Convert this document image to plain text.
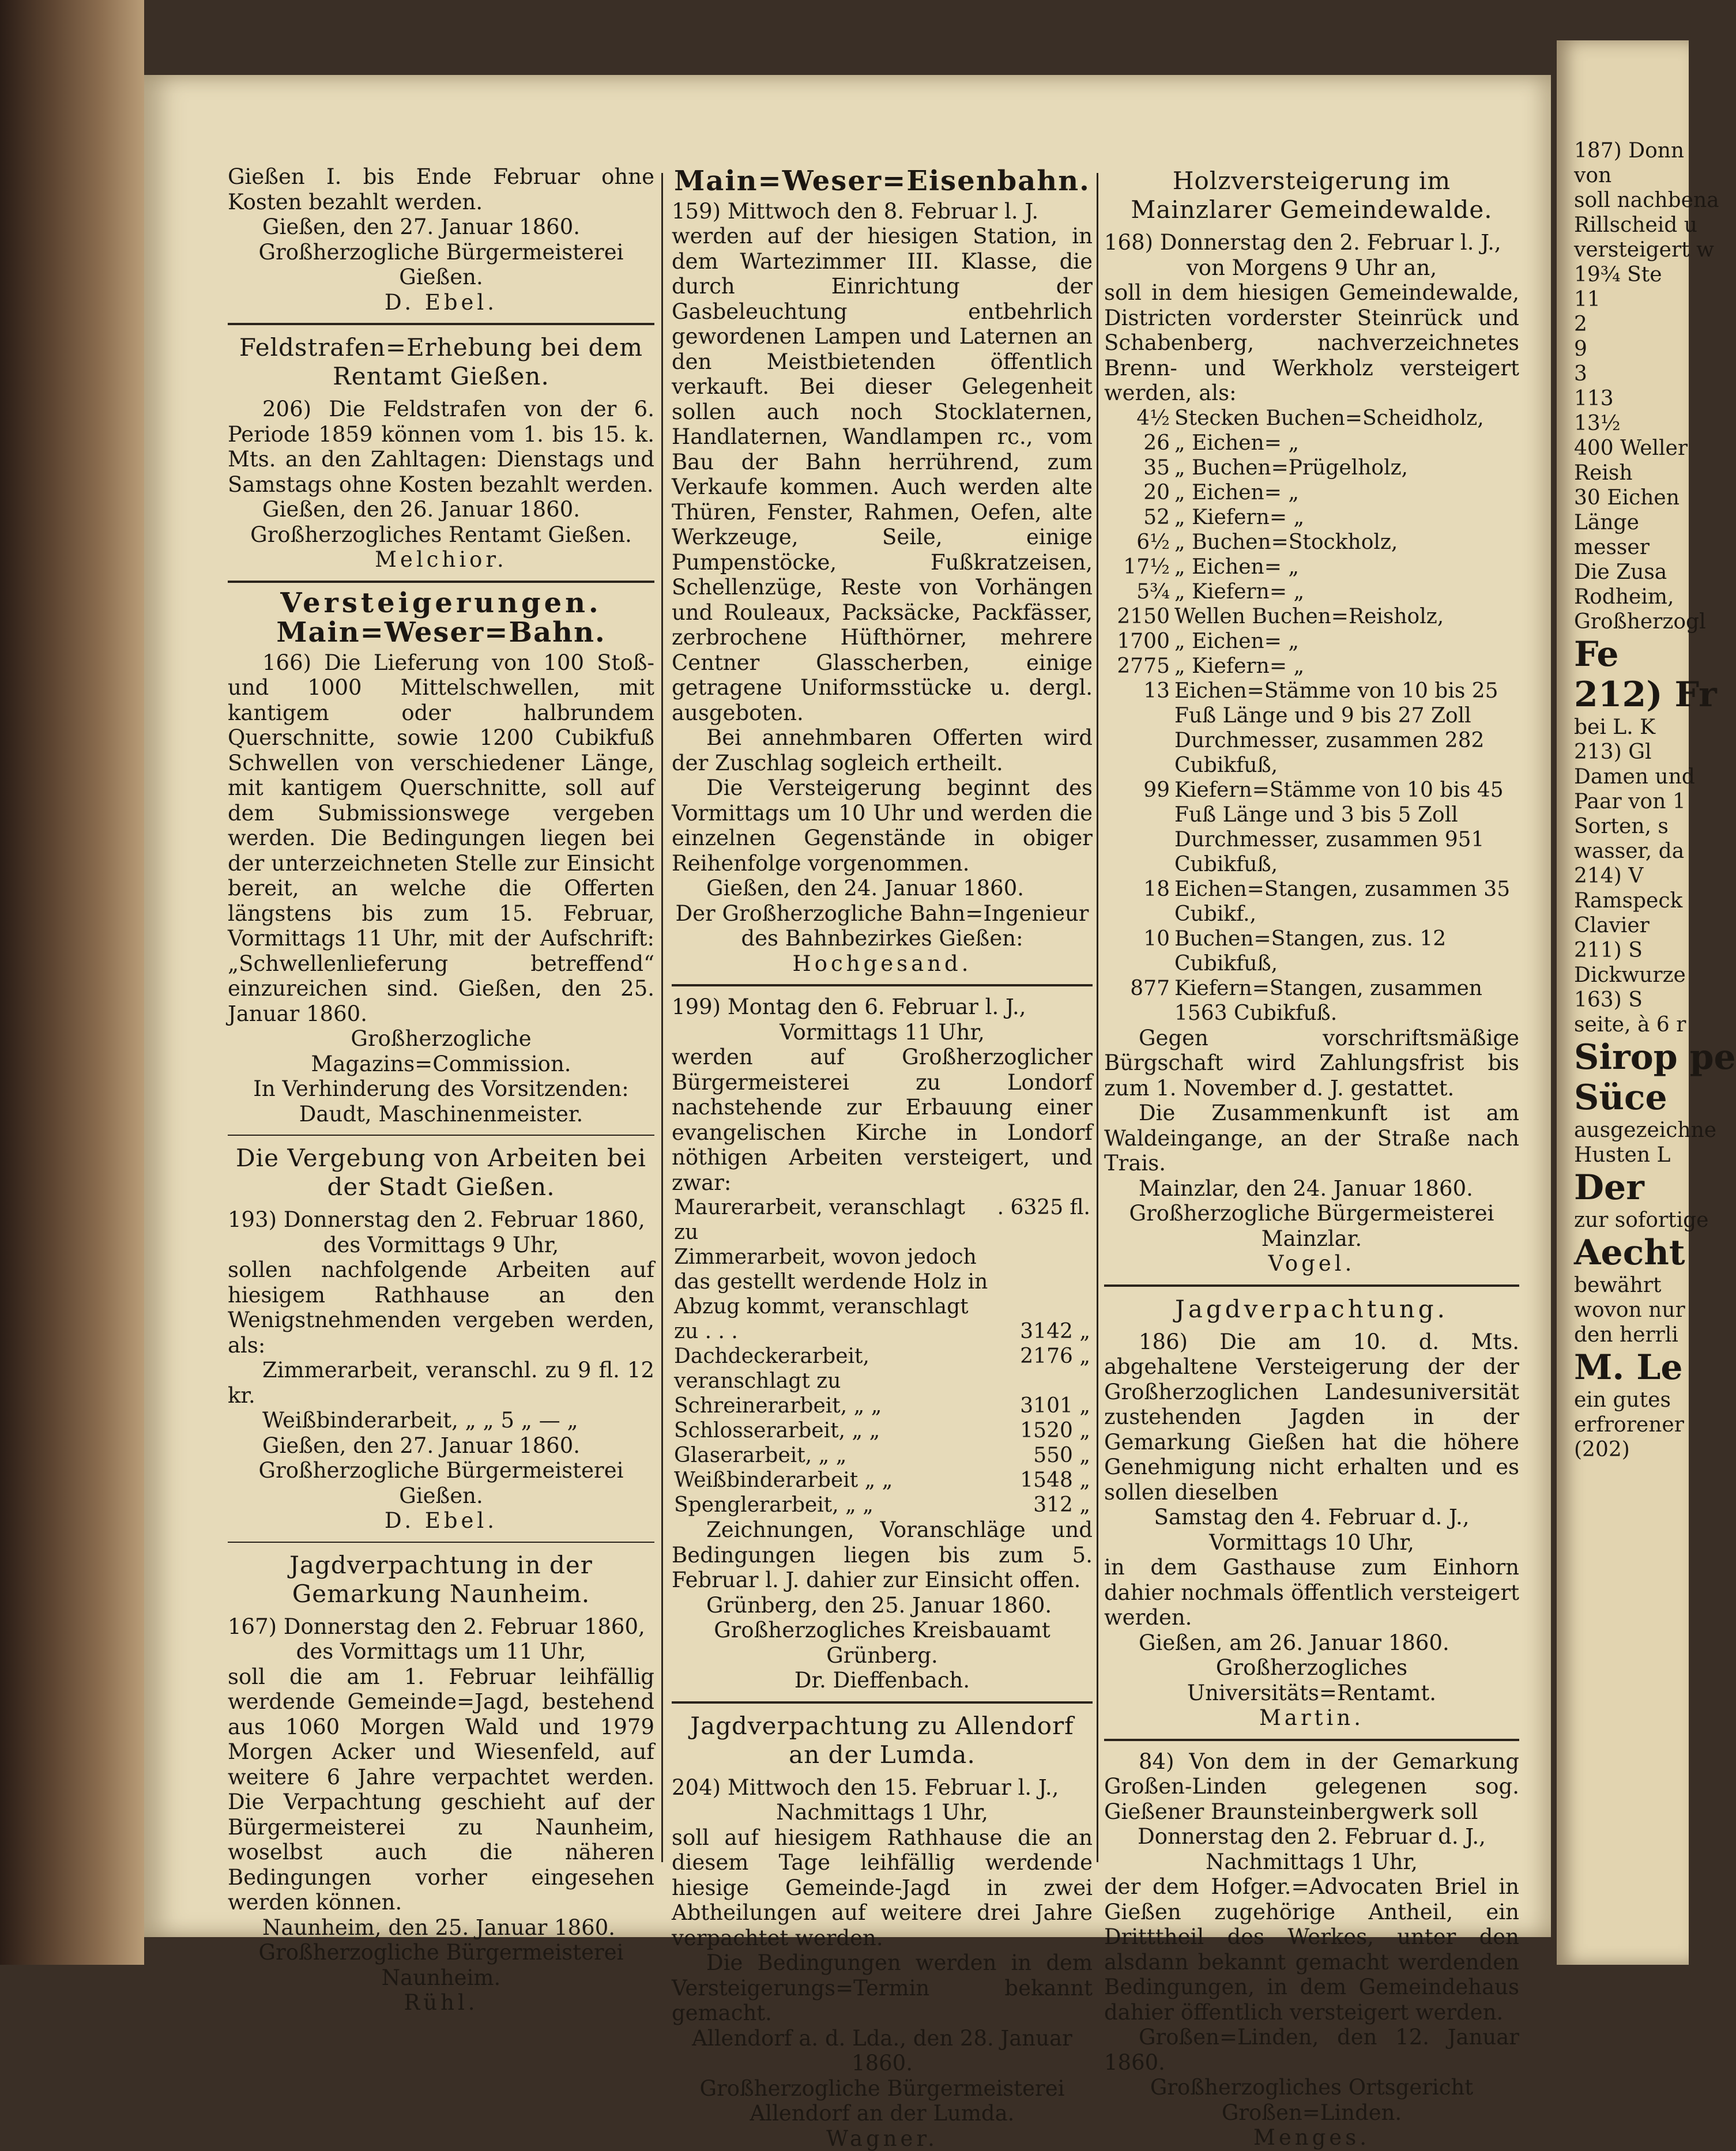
Gießen I. bis Ende Februar ohne Kosten bezahlt werden.

Gießen, den 27. Januar 1860.

Großherzogliche Bürgermeisterei Gießen.

D. Ebel.

Feldstrafen=Erhebung bei dem Rentamt Gießen.

206) Die Feldstrafen von der 6. Periode 1859 können vom 1. bis 15. k. Mts. an den Zahltagen: Dienstags und Samstags ohne Kosten bezahlt werden.

Gießen, den 26. Januar 1860.

Großherzogliches Rentamt Gießen.

Melchior.

Versteigerungen.

Main=Weser=Bahn.

166) Die Lieferung von 100 Stoß- und 1000 Mittelschwellen, mit kantigem oder halbrundem Querschnitte, sowie 1200 Cubikfuß Schwellen von verschiedener Länge, mit kantigem Querschnitte, soll auf dem Submissionswege vergeben werden. Die Bedingungen liegen bei der unterzeichneten Stelle zur Einsicht bereit, an welche die Offerten längstens bis zum 15. Februar, Vormittags 11 Uhr, mit der Aufschrift: „Schwellenlieferung betreffend“ einzureichen sind. Gießen, den 25. Januar 1860.

Großherzogliche Magazins=Commission.

In Verhinderung des Vorsitzenden:

Daudt, Maschinenmeister.

Die Vergebung von Arbeiten bei der Stadt Gießen.

193) Donnerstag den 2. Februar 1860,

des Vormittags 9 Uhr,

sollen nachfolgende Arbeiten auf hiesigem Rathhause an den Wenigstnehmenden vergeben werden, als:

Zimmerarbeit, veranschl. zu 9 fl. 12 kr.

Weißbinderarbeit, „ „ 5 „ — „

Gießen, den 27. Januar 1860.

Großherzogliche Bürgermeisterei Gießen.

D. Ebel.

Jagdverpachtung in der Gemarkung Naunheim.

167) Donnerstag den 2. Februar 1860,

des Vormittags um 11 Uhr,

soll die am 1. Februar leihfällig werdende Gemeinde=Jagd, bestehend aus 1060 Morgen Wald und 1979 Morgen Acker und Wiesenfeld, auf weitere 6 Jahre verpachtet werden. Die Verpachtung geschieht auf der Bürgermeisterei zu Naunheim, woselbst auch die näheren Bedingungen vorher eingesehen werden können.

Naunheim, den 25. Januar 1860.

Großherzogliche Bürgermeisterei Naunheim.

Rühl.

Main=Weser=Eisenbahn.

159) Mittwoch den 8. Februar l. J.

werden auf der hiesigen Station, in dem Wartezimmer III. Klasse, die durch Einrichtung der Gasbeleuchtung entbehrlich gewordenen Lampen und Laternen an den Meistbietenden öffentlich verkauft. Bei dieser Gelegenheit sollen auch noch Stocklaternen, Handlaternen, Wandlampen rc., vom Bau der Bahn herrührend, zum Verkaufe kommen. Auch werden alte Thüren, Fenster, Rahmen, Oefen, alte Werkzeuge, Seile, einige Pumpenstöcke, Fußkratzeisen, Schellenzüge, Reste von Vorhängen und Rouleaux, Packsäcke, Packfässer, zerbrochene Hüfthörner, mehrere Centner Glasscherben, einige getragene Uniformsstücke u. dergl. ausgeboten.

Bei annehmbaren Offerten wird der Zuschlag sogleich ertheilt.

Die Versteigerung beginnt des Vormittags um 10 Uhr und werden die einzelnen Gegenstände in obiger Reihenfolge vorgenommen.

Gießen, den 24. Januar 1860.

Der Großherzogliche Bahn=Ingenieur des Bahnbezirkes Gießen:

Hochgesand.

199) Montag den 6. Februar l. J.,

Vormittags 11 Uhr,

werden auf Großherzoglicher Bürgermeisterei zu Londorf nachstehende zur Erbauung einer evangelischen Kirche in Londorf nöthigen Arbeiten versteigert, und zwar:

Maurerarbeit, veranschlagt zu	. 6325 fl.
Zimmerarbeit, wovon jedoch das gestellt werdende Holz in Abzug kommt, veranschlagt zu . . .	3142 „
Dachdeckerarbeit, veranschlagt zu	2176 „
Schreinerarbeit, „ „	3101 „
Schlosserarbeit, „ „	1520 „
Glaserarbeit, „ „	550 „
Weißbinderarbeit „ „	1548 „
Spenglerarbeit, „ „	312 „

Zeichnungen, Voranschläge und Bedingungen liegen bis zum 5. Februar l. J. dahier zur Einsicht offen.

Grünberg, den 25. Januar 1860.

Großherzogliches Kreisbauamt Grünberg.

Dr. Dieffenbach.

Jagdverpachtung zu Allendorf an der Lumda.

204) Mittwoch den 15. Februar l. J.,

Nachmittags 1 Uhr,

soll auf hiesigem Rathhause die an diesem Tage leihfällig werdende hiesige Gemeinde-Jagd in zwei Abtheilungen auf weitere drei Jahre verpachtet werden.

Die Bedingungen werden in dem Versteigerungs=Termin bekannt gemacht.

Allendorf a. d. Lda., den 28. Januar 1860.

Großherzogliche Bürgermeisterei Allendorf an der Lumda.

Wagner.

Holzversteigerung im Mainzlarer Gemeindewalde.

168) Donnerstag den 2. Februar l. J.,

von Morgens 9 Uhr an,

soll in dem hiesigen Gemeindewalde, Districten vorderster Steinrück und Schabenberg, nachverzeichnetes Brenn- und Werkholz versteigert werden, als:

4½	Stecken Buchen=Scheidholz,
26	„ Eichen= „
35	„ Buchen=Prügelholz,
20	„ Eichen= „
52	„ Kiefern= „
6½	„ Buchen=Stockholz,
17½	„ Eichen= „
5¾	„ Kiefern= „
2150	Wellen Buchen=Reisholz,
1700	„ Eichen= „
2775	„ Kiefern= „
13	Eichen=Stämme von 10 bis 25 Fuß Länge und 9 bis 27 Zoll Durchmesser, zusammen 282 Cubikfuß,
99	Kiefern=Stämme von 10 bis 45 Fuß Länge und 3 bis 5 Zoll Durchmesser, zusammen 951 Cubikfuß,
18	Eichen=Stangen, zusammen 35 Cubikf.,
10	Buchen=Stangen, zus. 12 Cubikfuß,
877	Kiefern=Stangen, zusammen 1563 Cubikfuß.

Gegen vorschriftsmäßige Bürgschaft wird Zahlungsfrist bis zum 1. November d. J. gestattet.

Die Zusammenkunft ist am Waldeingange, an der Straße nach Trais.

Mainzlar, den 24. Januar 1860.

Großherzogliche Bürgermeisterei Mainzlar.

Vogel.

Jagdverpachtung.

186) Die am 10. d. Mts. abgehaltene Versteigerung der der Großherzoglichen Landesuniversität zustehenden Jagden in der Gemarkung Gießen hat die höhere Genehmigung nicht erhalten und es sollen dieselben

Samstag den 4. Februar d. J.,

Vormittags 10 Uhr,

in dem Gasthause zum Einhorn dahier nochmals öffentlich versteigert werden.

Gießen, am 26. Januar 1860.

Großherzogliches Universitäts=Rentamt.

Martin.

84) Von dem in der Gemarkung Großen-Linden gelegenen sog. Gießener Braunsteinbergwerk soll

Donnerstag den 2. Februar d. J.,

Nachmittags 1 Uhr,

der dem Hofger.=Advocaten Briel in Gießen zugehörige Antheil, ein Dritttheil des Werkes, unter den alsdann bekannt gemacht werdenden Bedingungen, in dem Gemeindehaus dahier öffentlich versteigert werden.

Großen=Linden, den 12. Januar 1860.

Großherzogliches Ortsgericht Großen=Linden.

Menges.

187) Donn

von

soll nachbena

Rillscheid u

versteigert w

19¾ Ste

11

2

9

3

113

13½

400 Weller

Reish

30 Eichen

Länge

messer

Die Zusa

Rodheim,

Großherzogl

Fe

212) Fr

bei L. K

213) Gl

Damen und

Paar von 1

Sorten, s

wasser, da

214) V

Ramspeck

Clavier

211) S

Dickwurze

163) S

seite, à 6 r

Sirop pe

Süce

ausgezeichne

Husten L

Der

zur sofortige

Aecht

bewährt

wovon nur

den herrli

M. Le

ein gutes

erfrorener

(202)
